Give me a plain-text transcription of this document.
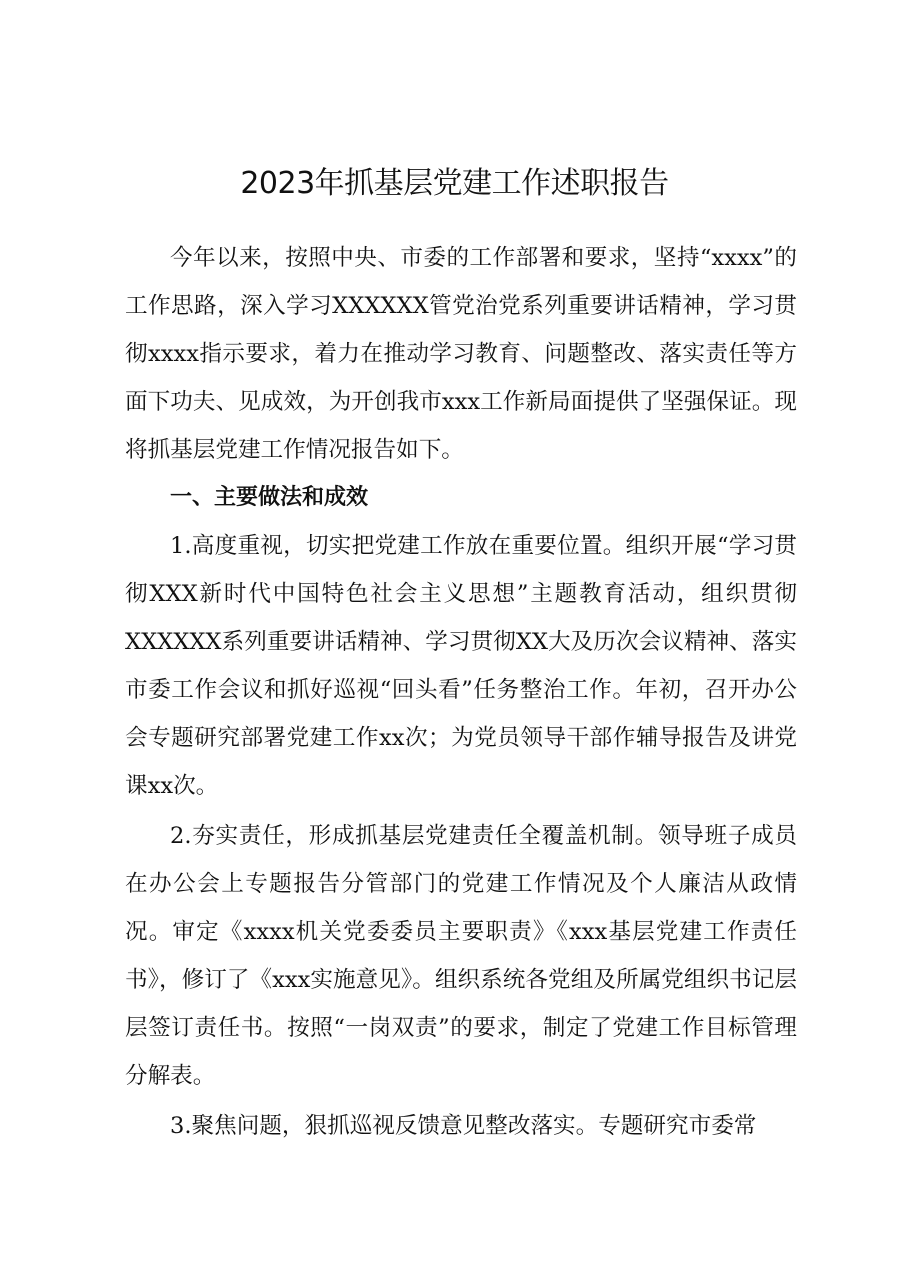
2023年抓基层党建工作述职报告

今年以来，按照中央、市委的工作部署和要求，坚持“xxxx”的工作思路，深入学习XXXXXX管党治党系列重要讲话精神，学习贯彻xxxx指示要求，着力在推动学习教育、问题整改、落实责任等方面下功夫、见成效，为开创我市xxx工作新局面提供了坚强保证。现将抓基层党建工作情况报告如下。

一、主要做法和成效

1.高度重视，切实把党建工作放在重要位置。组织开展“学习贯彻XXX新时代中国特色社会主义思想”主题教育活动，组织贯彻XXXXXX系列重要讲话精神、学习贯彻XX大及历次会议精神、落实市委工作会议和抓好巡视“回头看”任务整治工作。年初，召开办公会专题研究部署党建工作xx次；为党员领导干部作辅导报告及讲党课xx次。

2.夯实责任，形成抓基层党建责任全覆盖机制。领导班子成员在办公会上专题报告分管部门的党建工作情况及个人廉洁从政情况。审定《xxxx机关党委委员主要职责》《xxx基层党建工作责任书》，修订了《xxx实施意见》。组织系统各党组及所属党组织书记层层签订责任书。按照“一岗双责”的要求，制定了党建工作目标管理分解表。

3.聚焦问题，狠抓巡视反馈意见整改落实。专题研究市委常
